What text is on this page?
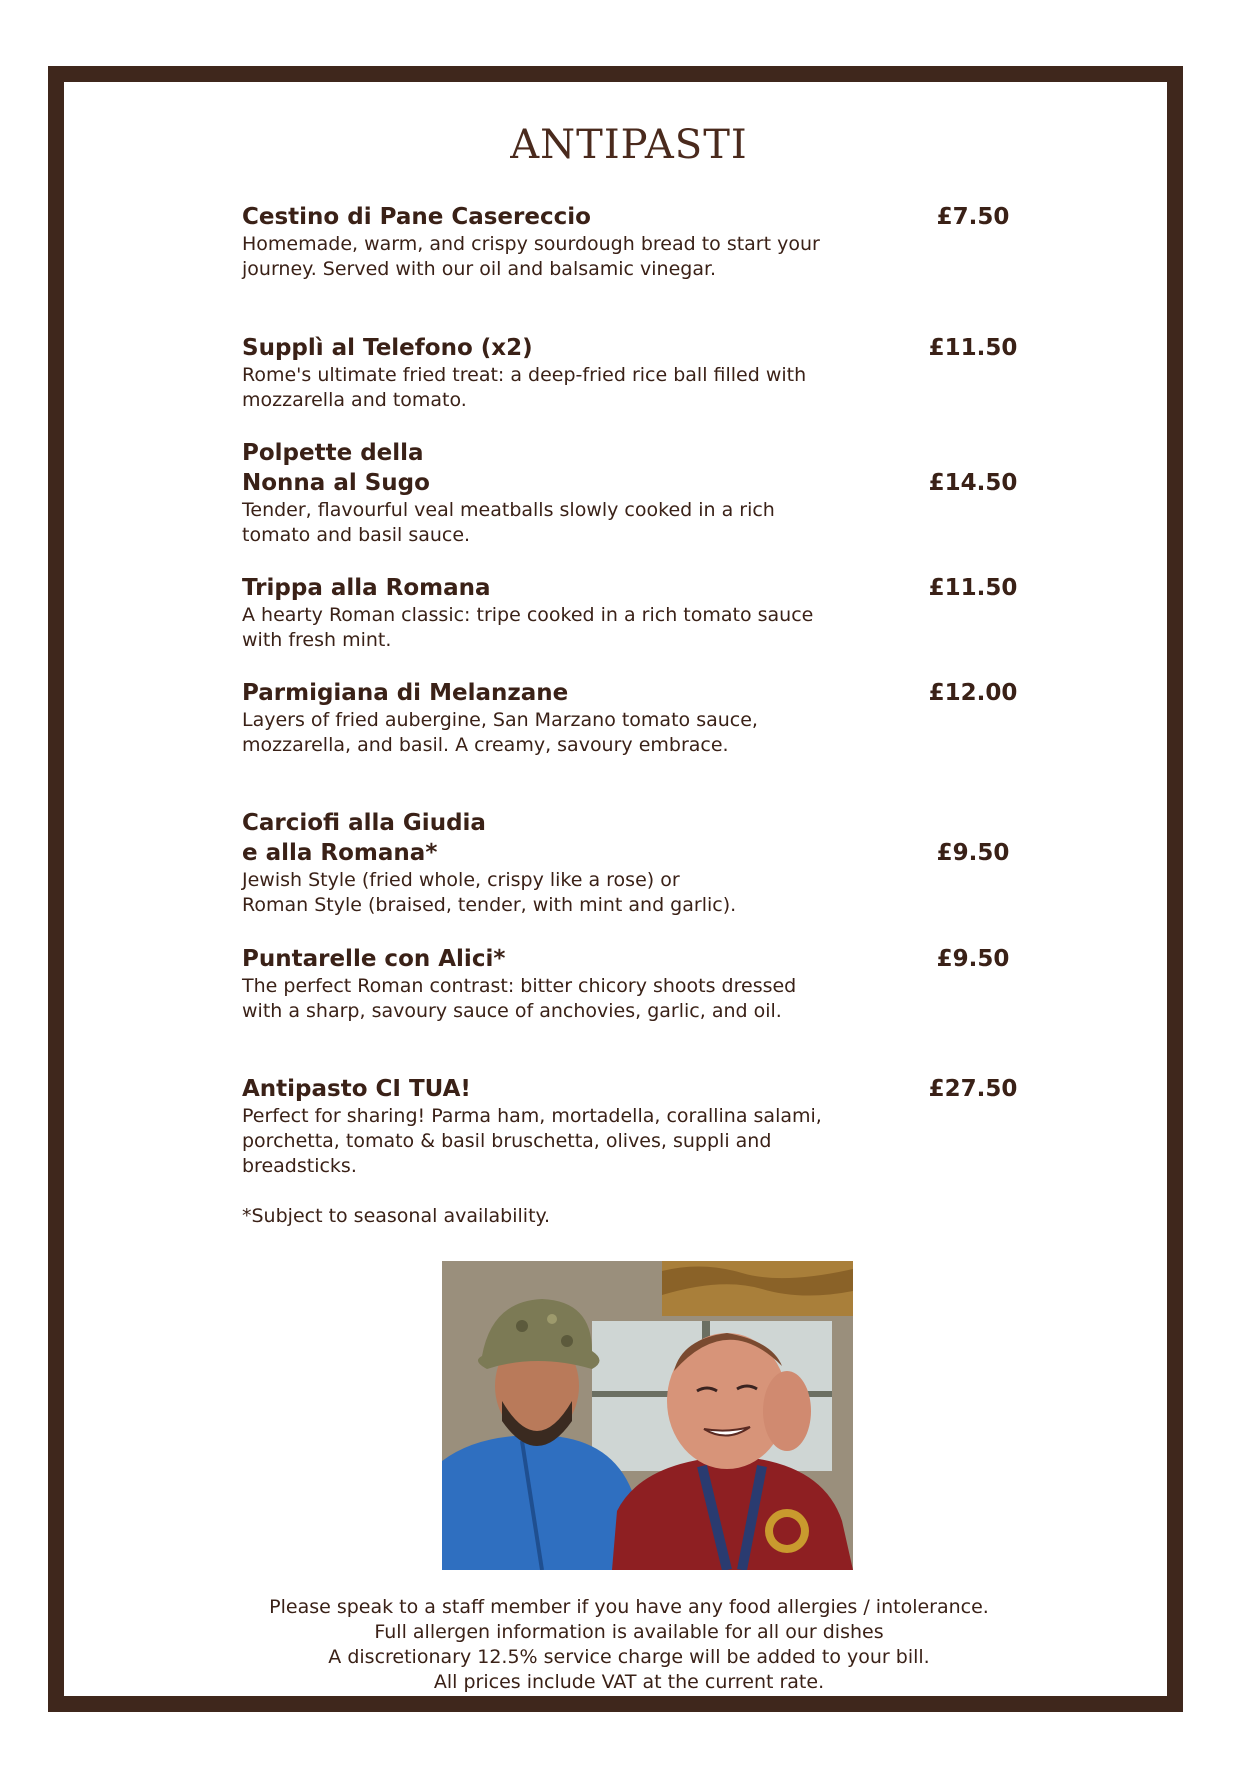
ANTIPASTI
Cestino di Pane Casereccio
Homemade, warm, and crispy sourdough bread to start your journey. Served with our oil and balsamic vinegar.
£7.50
Supplì al Telefono (x2)
Rome's ultimate fried treat: a deep-fried rice ball filled with mozzarella and tomato.
£11.50
Polpette della
Nonna al Sugo
Tender, flavourful veal meatballs slowly cooked in a rich tomato and basil sauce.
£14.50
Trippa alla Romana
A hearty Roman classic: tripe cooked in a rich tomato sauce with fresh mint.
£11.50
Parmigiana di Melanzane
Layers of fried aubergine, San Marzano tomato sauce, mozzarella, and basil. A creamy, savoury embrace.
£12.00
Carciofi alla Giudia
e alla Romana*
Jewish Style (fried whole, crispy like a rose) or
Roman Style (braised, tender, with mint and garlic).
£9.50
Puntarelle con Alici*
The perfect Roman contrast: bitter chicory shoots dressed with a sharp, savoury sauce of anchovies, garlic, and oil.
£9.50
Antipasto CI TUA!
Perfect for sharing! Parma ham, mortadella, corallina salami, porchetta, tomato & basil bruschetta, olives, suppli and breadsticks.
£27.50
*Subject to seasonal availability.
Please speak to a staff member if you have any food allergies / intolerance.
Full allergen information is available for all our dishes
A discretionary 12.5% service charge will be added to your bill.
All prices include VAT at the current rate.
